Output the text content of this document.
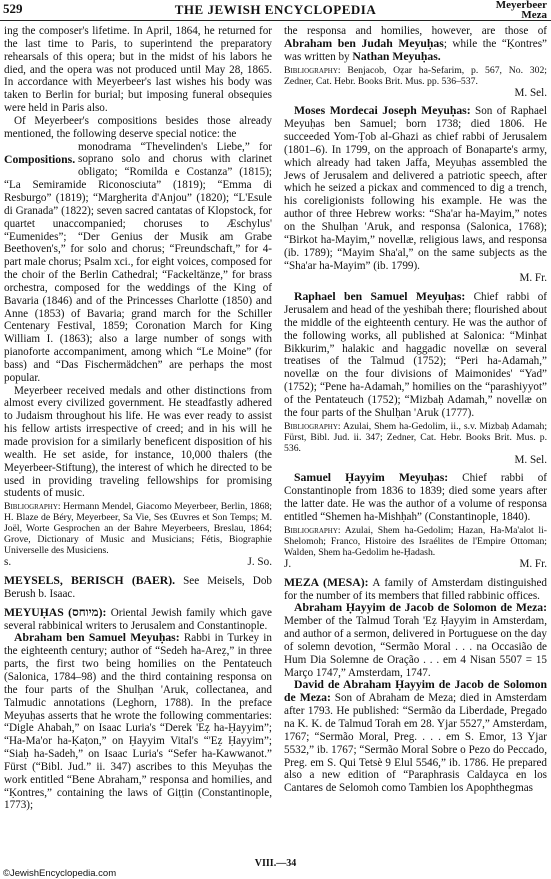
529	THE JEWISH ENCYCLOPEDIA	Meyerbeer
Meza

ing the composer's lifetime. In April, 1864, he returned for the last time to Paris, to superintend the preparatory rehearsals of this opera; but in the midst of his labors he died, and the opera was not produced until May 28, 1865. In accordance with Meyerbeer's last wishes his body was taken to Berlin for burial; but imposing funeral obsequies were held in Paris also.

Of Meyerbeer's compositions besides those already mentioned, the following deserve special notice: the

Compositions.
monodrama “Thevelinden's Liebe,” for soprano solo and chorus with clarinet obligato; “Romilda e Costanza” (1815); “La Semiramide Riconosciuta” (1819); “Emma di Resburgo” (1819); “Margherita d'Anjou” (1820); “L'Esule di Granada” (1822); seven sacred cantatas of Klopstock, for quartet unaccompanied; choruses to Æschylus' “Eumenides”; “Der Genius der Musik am Grabe Beethoven's,” for solo and chorus; “Freundschaft,” for 4-part male chorus; Psalm xci., for eight voices, composed for the choir of the Berlin Cathedral; “Fackeltänze,” for brass orchestra, composed for the weddings of the King of Bavaria (1846) and of the Princesses Charlotte (1850) and Anne (1853) of Bavaria; grand march for the Schiller Centenary Festival, 1859; Coronation March for King William I. (1863); also a large number of songs with pianoforte accompaniment, among which “Le Moine” (for bass) and “Das Fischermädchen” are perhaps the most popular.

Meyerbeer received medals and other distinctions from almost every civilized government. He steadfastly adhered to Judaism throughout his life. He was ever ready to assist his fellow artists irrespective of creed; and in his will he made provision for a similarly beneficent disposition of his wealth. He set aside, for instance, 10,000 thalers (the Meyerbeer-Stiftung), the interest of which he directed to be used in providing traveling fellowships for promising students of music.

Bibliography: Hermann Mendel, Giacomo Meyerbeer, Berlin, 1868; H. Blaze de Béry, Meyerbeer, Sa Vie, Ses Œuvres et Son Temps; M. Joël, Worte Gesprochen an der Bahre Meyerbeers, Breslau, 1864; Grove, Dictionary of Music and Musicians; Fétis, Biographie Universelle des Musiciens.

s.	J. So.

MEYSELS, BERISCH (BAER). See Meisels, Dob Berush b. Isaac.

MEYUḤAS (מיוחס): Oriental Jewish family which gave several rabbinical writers to Jerusalem and Constantinople.

Abraham ben Samuel Meyuḥas: Rabbi in Turkey in the eighteenth century; author of “Sedeh ha-Areẓ,” in three parts, the first two being homilies on the Pentateuch (Salonica, 1784–98) and the third containing responsa on the four parts of the Shulḥan 'Aruk, collectanea, and Talmudic annotations (Leghorn, 1788). In the preface Meyuḥas asserts that he wrote the following commentaries: “Digle Ahabah,” on Isaac Luria's “Derek 'Eẓ ha-Ḥayyim”; “Ha-Ma'or ha-Ḳaṭon,” on Ḥayyim Vital's “'Eẓ Ḥayyim”; “Siaḥ ha-Sadeh,” on Isaac Luria's “Sefer ha-Kawwanot.” Fürst (“Bibl. Jud.” ii. 347) ascribes to this Meyuḥas the work entitled “Bene Abraham,” responsa and homilies, and “Ḳontres,” containing the laws of Giṭṭin (Constantinople, 1773);

the responsa and homilies, however, are those of Abraham ben Judah Meyuḥas; while the “Ḳontres” was written by Nathan Meyuḥas.

Bibliography: Benjacob, Oẓar ha-Sefarim, p. 567, No. 302; Zedner, Cat. Hebr. Books Brit. Mus. pp. 536–537.

M. Sel.

Moses Mordecai Joseph Meyuḥas: Son of Raphael Meyuḥas ben Samuel; born 1738; died 1806. He succeeded Yom-Ṭob al-Ghazi as chief rabbi of Jerusalem (1801–6). In 1799, on the approach of Bonaparte's army, which already had taken Jaffa, Meyuḥas assembled the Jews of Jerusalem and delivered a patriotic speech, after which he seized a pickax and commenced to dig a trench, his coreligionists following his example. He was the author of three Hebrew works: “Sha'ar ha-Mayim,” notes on the Shulḥan 'Aruk, and responsa (Salonica, 1768); “Birkot ha-Mayim,” novellæ, religious laws, and responsa (ib. 1789); “Mayim Sha'al,” on the same subjects as the “Sha'ar ha-Mayim” (ib. 1799).

M. Fr.

Raphael ben Samuel Meyuḥas: Chief rabbi of Jerusalem and head of the yeshibah there; flourished about the middle of the eighteenth century. He was the author of the following works, all published at Salonica: “Minḥat Bikkurim,” halakic and haggadic novellæ on several treatises of the Talmud (1752); “Peri ha-Adamah,” novellæ on the four divisions of Maimonides' “Yad” (1752); “Pene ha-Adamah,” homilies on the “parashiyyot” of the Pentateuch (1752); “Mizbaḥ Adamah,” novellæ on the four parts of the Shulḥan 'Aruk (1777).

Bibliography: Azulai, Shem ha-Gedolim, ii., s.v. Mizbaḥ Adamah; Fürst, Bibl. Jud. ii. 347; Zedner, Cat. Hebr. Books Brit. Mus. p. 536.

M. Sel.

Samuel Ḥayyim Meyuḥas: Chief rabbi of Constantinople from 1836 to 1839; died some years after the latter date. He was the author of a volume of responsa entitled “Shemen ha-Mishḥah” (Constantinople, 1840).

Bibliography: Azulai, Shem ha-Gedolim; Hazan, Ha-Ma'alot li-Shelomoh; Franco, Histoire des Israélites de l'Empire Ottoman; Walden, Shem ha-Gedolim he-Ḥadash.

J.	M. Fr.

MEZA (MESA): A family of Amsterdam distinguished for the number of its members that filled rabbinic offices.

Abraham Ḥayyim de Jacob de Solomon de Meza: Member of the Talmud Torah 'Eẓ Ḥayyim in Amsterdam, and author of a sermon, delivered in Portuguese on the day of solemn devotion, “Sermão Moral . . . na Occasião de Hum Dia Solemne de Oração . . . em 4 Nisan 5507 = 15 Março 1747,” Amsterdam, 1747.

David de Abraham Ḥayyim de Jacob de Solomon de Meza: Son of Abraham de Meza; died in Amsterdam after 1793. He published: “Sermão da Liberdade, Pregado na K. K. de Talmud Torah em 28. Yjar 5527,” Amsterdam, 1767; “Sermão Moral, Preg. . . . em S. Emor, 13 Yjar 5532,” ib. 1767; “Sermão Moral Sobre o Pezo do Peccado, Preg. em S. Qui Tetsè 9 Elul 5546,” ib. 1786. He prepared also a new edition of “Paraphrasis Caldayca en los Cantares de Selomoh como Tambien los Apophthegmas

VIII.—34
©JewishEncyclopedia.com
